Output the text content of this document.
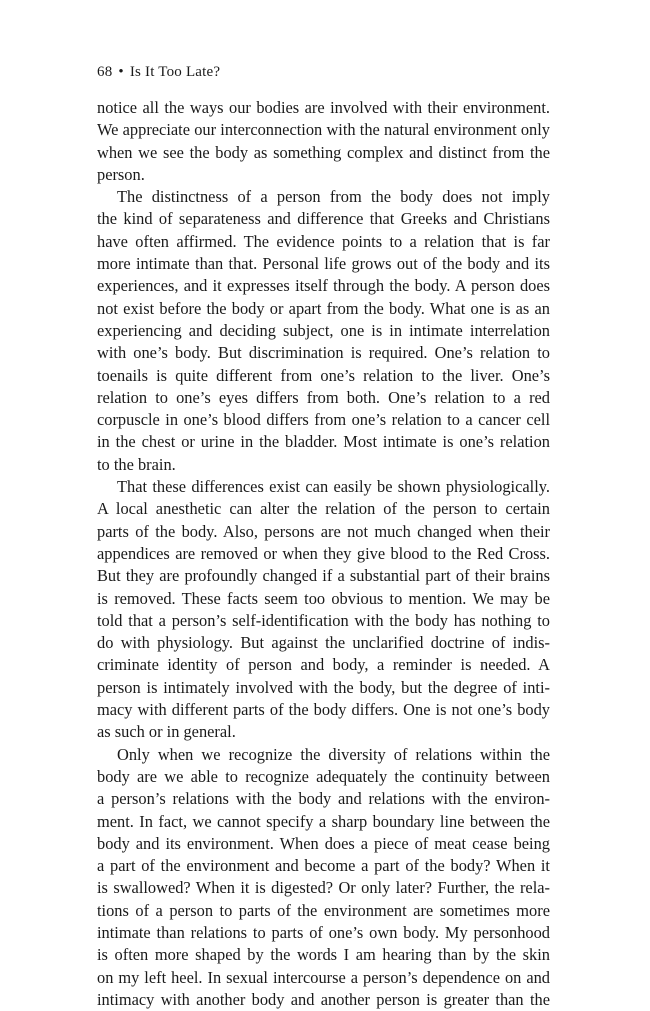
68 • Is It Too Late?
notice all the ways our bodies are involved with their environment.
We appreciate our interconnection with the natural environment only
when we see the body as something complex and distinct from the
person.
The distinctness of a person from the body does not imply
the kind of separateness and difference that Greeks and Christians
have often affirmed. The evidence points to a relation that is far
more intimate than that. Personal life grows out of the body and its
experiences, and it expresses itself through the body. A person does
not exist before the body or apart from the body. What one is as an
experiencing and deciding subject, one is in intimate interrelation
with one’s body. But discrimination is required. One’s relation to
toenails is quite different from one’s relation to the liver. One’s
relation to one’s eyes differs from both. One’s relation to a red
corpuscle in one’s blood differs from one’s relation to a cancer cell
in the chest or urine in the bladder. Most intimate is one’s relation
to the brain.
That these differences exist can easily be shown physiologically.
A local anesthetic can alter the relation of the person to certain
parts of the body. Also, persons are not much changed when their
appendices are removed or when they give blood to the Red Cross.
But they are profoundly changed if a substantial part of their brains
is removed. These facts seem too obvious to mention. We may be
told that a person’s self-identification with the body has nothing to
do with physiology. But against the unclarified doctrine of indis-
criminate identity of person and body, a reminder is needed. A
person is intimately involved with the body, but the degree of inti-
macy with different parts of the body differs. One is not one’s body
as such or in general.
Only when we recognize the diversity of relations within the
body are we able to recognize adequately the continuity between
a person’s relations with the body and relations with the environ-
ment. In fact, we cannot specify a sharp boundary line between the
body and its environment. When does a piece of meat cease being
a part of the environment and become a part of the body? When it
is swallowed? When it is digested? Or only later? Further, the rela-
tions of a person to parts of the environment are sometimes more
intimate than relations to parts of one’s own body. My personhood
is often more shaped by the words I am hearing than by the skin
on my left heel. In sexual intercourse a person’s dependence on and
intimacy with another body and another person is greater than the
